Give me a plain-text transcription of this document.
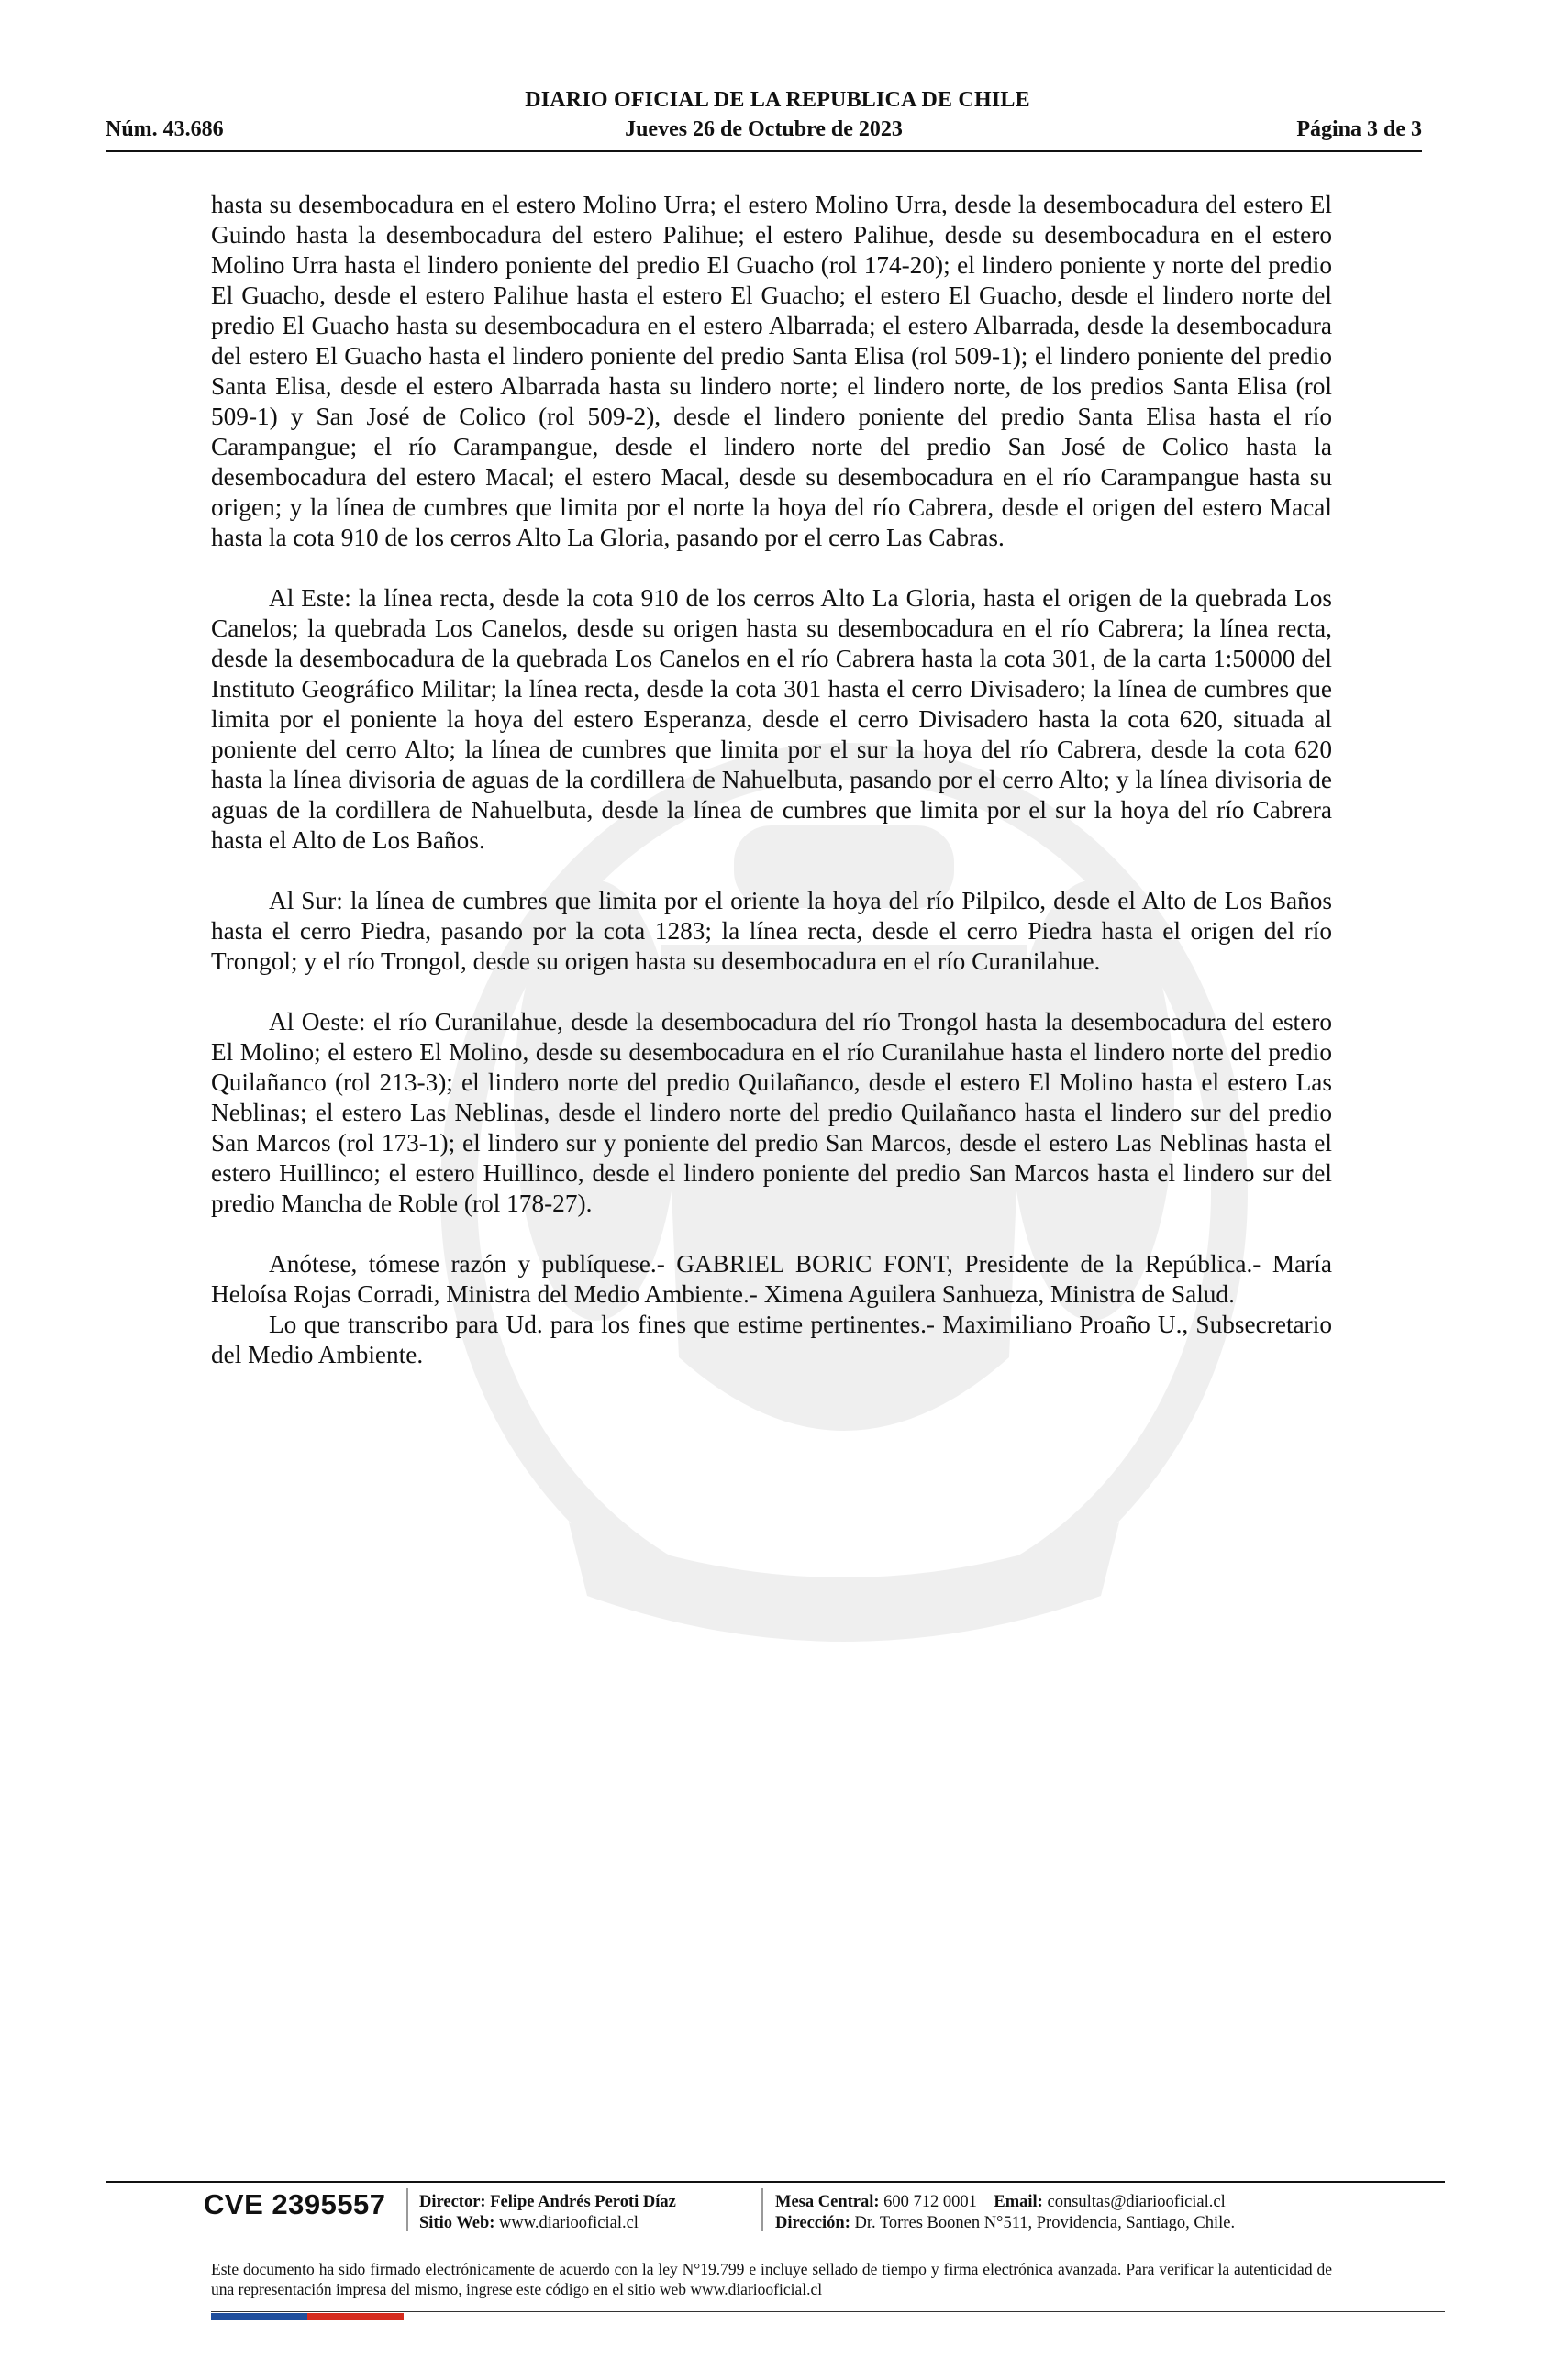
DIARIO OFICIAL DE LA REPUBLICA DE CHILE
Núm. 43.686	Jueves 26 de Octubre de 2023	Página 3 de 3

hasta su desembocadura en el estero Molino Urra; el estero Molino Urra, desde la desembocadura del estero El Guindo hasta la desembocadura del estero Palihue; el estero Palihue, desde su desembocadura en el estero Molino Urra hasta el lindero poniente del predio El Guacho (rol 174-20); el lindero poniente y norte del predio El Guacho, desde el estero Palihue hasta el estero El Guacho; el estero El Guacho, desde el lindero norte del predio El Guacho hasta su desembocadura en el estero Albarrada; el estero Albarrada, desde la desembocadura del estero El Guacho hasta el lindero poniente del predio Santa Elisa (rol 509-1); el lindero poniente del predio Santa Elisa, desde el estero Albarrada hasta su lindero norte; el lindero norte, de los predios Santa Elisa (rol 509-1) y San José de Colico (rol 509-2), desde el lindero poniente del predio Santa Elisa hasta el río Carampangue; el río Carampangue, desde el lindero norte del predio San José de Colico hasta la desembocadura del estero Macal; el estero Macal, desde su desembocadura en el río Carampangue hasta su origen; y la línea de cumbres que limita por el norte la hoya del río Cabrera, desde el origen del estero Macal hasta la cota 910 de los cerros Alto La Gloria, pasando por el cerro Las Cabras.

Al Este: la línea recta, desde la cota 910 de los cerros Alto La Gloria, hasta el origen de la quebrada Los Canelos; la quebrada Los Canelos, desde su origen hasta su desembocadura en el río Cabrera; la línea recta, desde la desembocadura de la quebrada Los Canelos en el río Cabrera hasta la cota 301, de la carta 1:50000 del Instituto Geográfico Militar; la línea recta, desde la cota 301 hasta el cerro Divisadero; la línea de cumbres que limita por el poniente la hoya del estero Esperanza, desde el cerro Divisadero hasta la cota 620, situada al poniente del cerro Alto; la línea de cumbres que limita por el sur la hoya del río Cabrera, desde la cota 620 hasta la línea divisoria de aguas de la cordillera de Nahuelbuta, pasando por el cerro Alto; y la línea divisoria de aguas de la cordillera de Nahuelbuta, desde la línea de cumbres que limita por el sur la hoya del río Cabrera hasta el Alto de Los Baños.

Al Sur: la línea de cumbres que limita por el oriente la hoya del río Pilpilco, desde el Alto de Los Baños hasta el cerro Piedra, pasando por la cota 1283; la línea recta, desde el cerro Piedra hasta el origen del río Trongol; y el río Trongol, desde su origen hasta su desembocadura en el río Curanilahue.

Al Oeste: el río Curanilahue, desde la desembocadura del río Trongol hasta la desembocadura del estero El Molino; el estero El Molino, desde su desembocadura en el río Curanilahue hasta el lindero norte del predio Quilañanco (rol 213-3); el lindero norte del predio Quilañanco, desde el estero El Molino hasta el estero Las Neblinas; el estero Las Neblinas, desde el lindero norte del predio Quilañanco hasta el lindero sur del predio San Marcos (rol 173-1); el lindero sur y poniente del predio San Marcos, desde el estero Las Neblinas hasta el estero Huillinco; el estero Huillinco, desde el lindero poniente del predio San Marcos hasta el lindero sur del predio Mancha de Roble (rol 178-27).

Anótese, tómese razón y publíquese.- GABRIEL BORIC FONT, Presidente de la República.- María Heloísa Rojas Corradi, Ministra del Medio Ambiente.- Ximena Aguilera Sanhueza, Ministra de Salud.

Lo que transcribo para Ud. para los fines que estime pertinentes.- Maximiliano Proaño U., Subsecretario del Medio Ambiente.

CVE 2395557 Director: Felipe Andrés Peroti Díaz
Sitio Web: www.diariooficial.cl
Mesa Central: 600 712 0001 Email: consultas@diariooficial.cl
Dirección: Dr. Torres Boonen N°511, Providencia, Santiago, Chile.
Este documento ha sido firmado electrónicamente de acuerdo con la ley N°19.799 e incluye sellado de tiempo y firma electrónica avanzada. Para verificar la autenticidad de una representación impresa del mismo, ingrese este código en el sitio web www.diariooficial.cl
